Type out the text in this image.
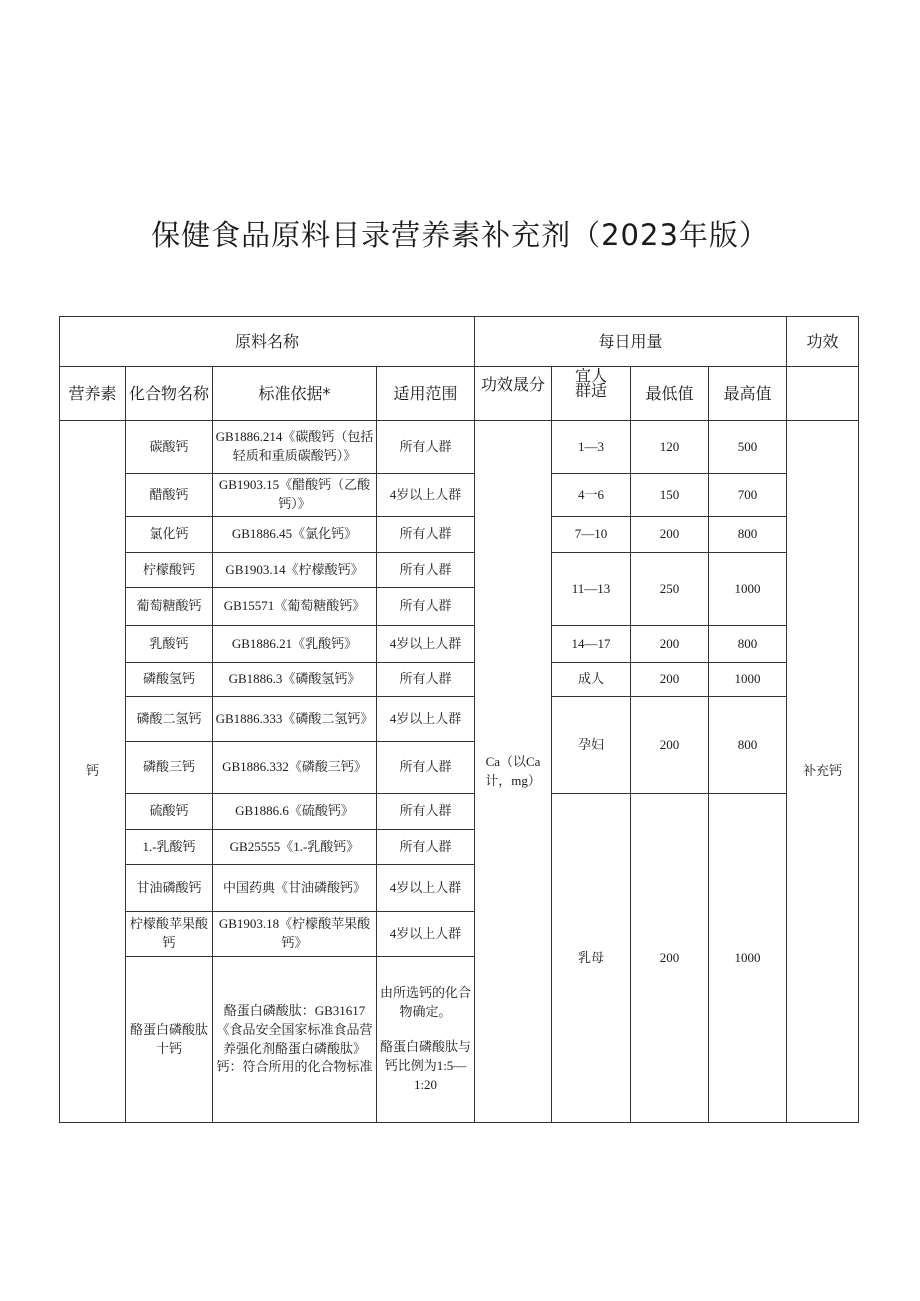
保健食品原料目录营养素补充剂（2023年版）
原料名称				每日用量				功效
营养素	化合物名称	标准依据*	适用范围	功效晟分	宜人群适	最低值	最高值	
钙	碳酸钙	GB1886.214《碳酸钙（包括轻质和重质碳酸钙）》	所有人群	Ca（以Ca计，mg）	1—3	120	500	补充钙
	醋酸钙	GB1903.15《醋酸钙（乙酸钙）》	4岁以上人群		4一6	150	700	
	氯化钙	GB1886.45《氯化钙》	所有人群		7—10	200	800	
	柠檬酸钙	GB1903.14《柠檬酸钙》	所有人群		11—13	250	1000	
	葡萄糖酸钙	GB15571《葡萄糖酸钙》	所有人群					
	乳酸钙	GB1886.21《乳酸钙》	4岁以上人群		14—17	200	800	
	磷酸氢钙	GB1886.3《磷酸氢钙》	所有人群		成人	200	1000	
	磷酸二氢钙	GB1886.333《磷酸二氢钙》	4岁以上人群		孕妇	200	800	
	磷酸三钙	GB1886.332《磷酸三钙》	所有人群					
	硫酸钙	GB1886.6《硫酸钙》	所有人群		乳母	200	1000	
	1.-乳酸钙	GB25555《1.-乳酸钙》	所有人群					
	甘油磷酸钙	中国药典《甘油磷酸钙》	4岁以上人群					
	柠檬酸苹果酸钙	GB1903.18《柠檬酸苹果酸钙》	4岁以上人群					
	酪蛋白磷酸肽十钙	酪蛋白磷酸肽：GB31617《食品安全国家标准食品营养强化剂酪蛋白磷酸肽》钙：符合所用的化合物标准	由所选钙的化合物确定。
酪蛋白磷酸肽与钙比例为1:5—1:20					
